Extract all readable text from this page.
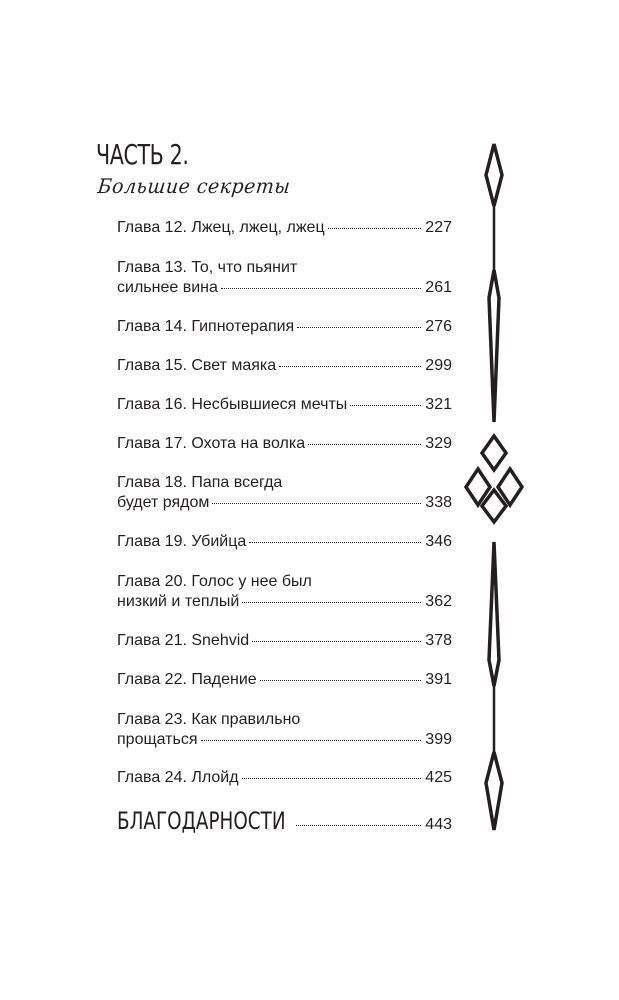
ЧАСТЬ 2.
Большие секреты
Глава 12. Лжец, лжец, лжец	227
Глава 13. То, что пьянит
сильнее вина	261
Глава 14. Гипнотерапия	276
Глава 15. Свет маяка	299
Глава 16. Несбывшиеся мечты	321
Глава 17. Охота на волка	329
Глава 18. Папа всегда
будет рядом	338
Глава 19. Убийца	346
Глава 20. Голос у нее был
низкий и теплый	362
Глава 21. Snehvid	378
Глава 22. Падение	391
Глава 23. Как правильно
прощаться	399
Глава 24. Ллойд	425
БЛАГОДАРНОСТИ	443
